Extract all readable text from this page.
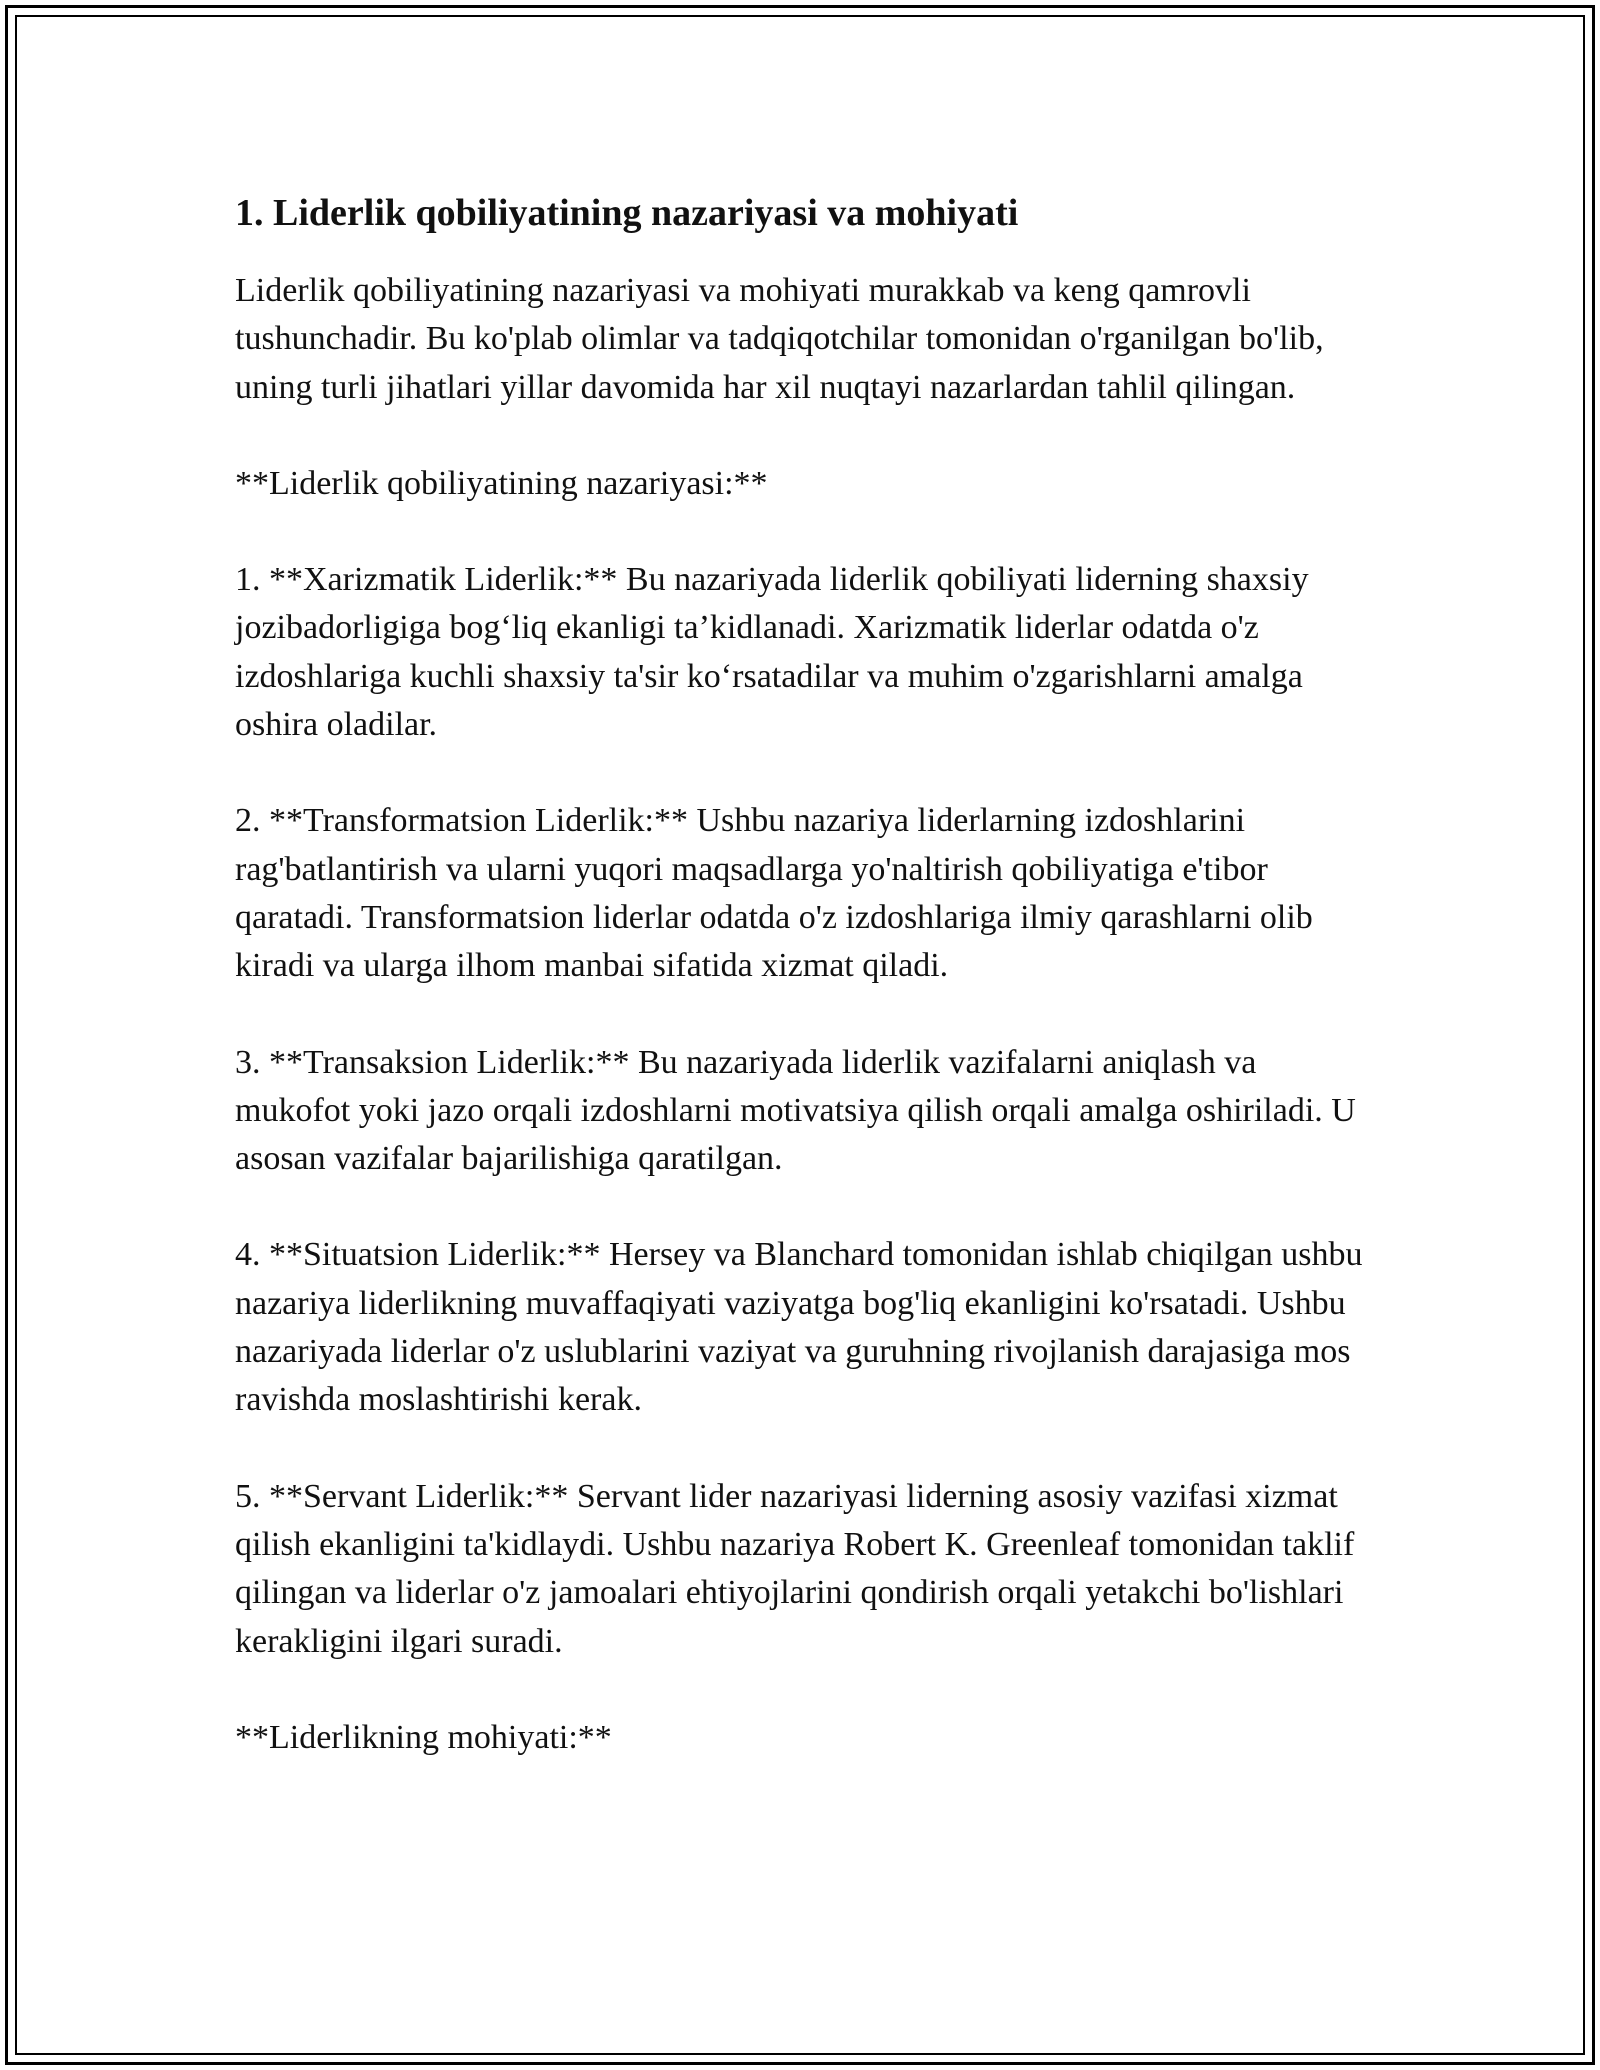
1. Liderlik qobiliyatining nazariyasi va mohiyati

Liderlik qobiliyatining nazariyasi va mohiyati murakkab va keng qamrovli tushunchadir. Bu ko'plab olimlar va tadqiqotchilar tomonidan o'rganilgan bo'lib, uning turli jihatlari yillar davomida har xil nuqtayi nazarlardan tahlil qilingan.

**Liderlik qobiliyatining nazariyasi:**

1. **Xarizmatik Liderlik:** Bu nazariyada liderlik qobiliyati liderning shaxsiy jozibadorligiga bog‘liq ekanligi ta’kidlanadi. Xarizmatik liderlar odatda o'z izdoshlariga kuchli shaxsiy ta'sir ko‘rsatadilar va muhim o'zgarishlarni amalga oshira oladilar.

2. **Transformatsion Liderlik:** Ushbu nazariya liderlarning izdoshlarini rag'batlantirish va ularni yuqori maqsadlarga yo'naltirish qobiliyatiga e'tibor qaratadi. Transformatsion liderlar odatda o'z izdoshlariga ilmiy qarashlarni olib kiradi va ularga ilhom manbai sifatida xizmat qiladi.

3. **Transaksion Liderlik:** Bu nazariyada liderlik vazifalarni aniqlash va mukofot yoki jazo orqali izdoshlarni motivatsiya qilish orqali amalga oshiriladi. U asosan vazifalar bajarilishiga qaratilgan.

4. **Situatsion Liderlik:** Hersey va Blanchard tomonidan ishlab chiqilgan ushbu nazariya liderlikning muvaffaqiyati vaziyatga bog'liq ekanligini ko'rsatadi. Ushbu nazariyada liderlar o'z uslublarini vaziyat va guruhning rivojlanish darajasiga mos ravishda moslashtirishi kerak.

5. **Servant Liderlik:** Servant lider nazariyasi liderning asosiy vazifasi xizmat qilish ekanligini ta'kidlaydi. Ushbu nazariya Robert K. Greenleaf tomonidan taklif qilingan va liderlar o'z jamoalari ehtiyojlarini qondirish orqali yetakchi bo'lishlari kerakligini ilgari suradi.

**Liderlikning mohiyati:**
